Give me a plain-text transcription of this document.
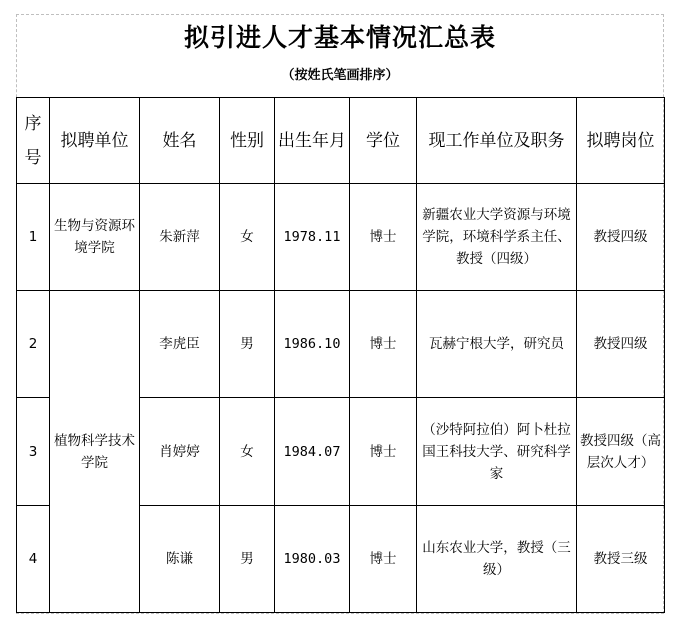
拟引进人才基本情况汇总表
（按姓氏笔画排序）
序号	拟聘单位	姓名	性别	出生年月	学位	现工作单位及职务	拟聘岗位
1	生物与资源环境学院	朱新萍	女	1978.11	博士	新疆农业大学资源与环境学院，环境科学系主任、教授（四级）	教授四级
2	植物科学技术学院	李虎臣	男	1986.10	博士	瓦赫宁根大学，研究员	教授四级
3		肖婷婷	女	1984.07	博士	（沙特阿拉伯）阿卜杜拉国王科技大学、研究科学家	教授四级（高层次人才）
4		陈谦	男	1980.03	博士	山东农业大学，教授（三级）	教授三级
